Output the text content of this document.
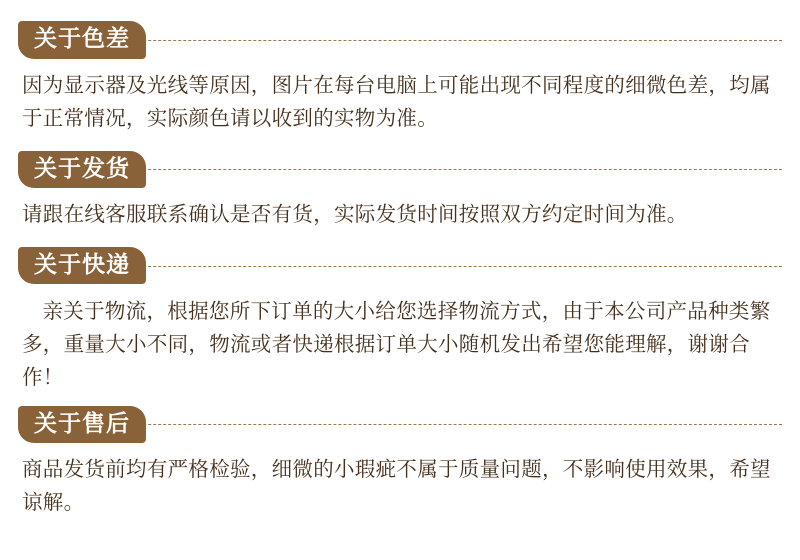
关于色差

因为显示器及光线等原因，图片在每台电脑上可能出现不同程度的细微色差，均属于正常情况，实际颜色请以收到的实物为准。

关于发货

请跟在线客服联系确认是否有货，实际发货时间按照双方约定时间为准。

关于快递

亲关于物流，根据您所下订单的大小给您选择物流方式，由于本公司产品种类繁多，重量大小不同，物流或者快递根据订单大小随机发出希望您能理解，谢谢合作！

关于售后

商品发货前均有严格检验，细微的小瑕疵不属于质量问题，不影响使用效果，希望谅解。
